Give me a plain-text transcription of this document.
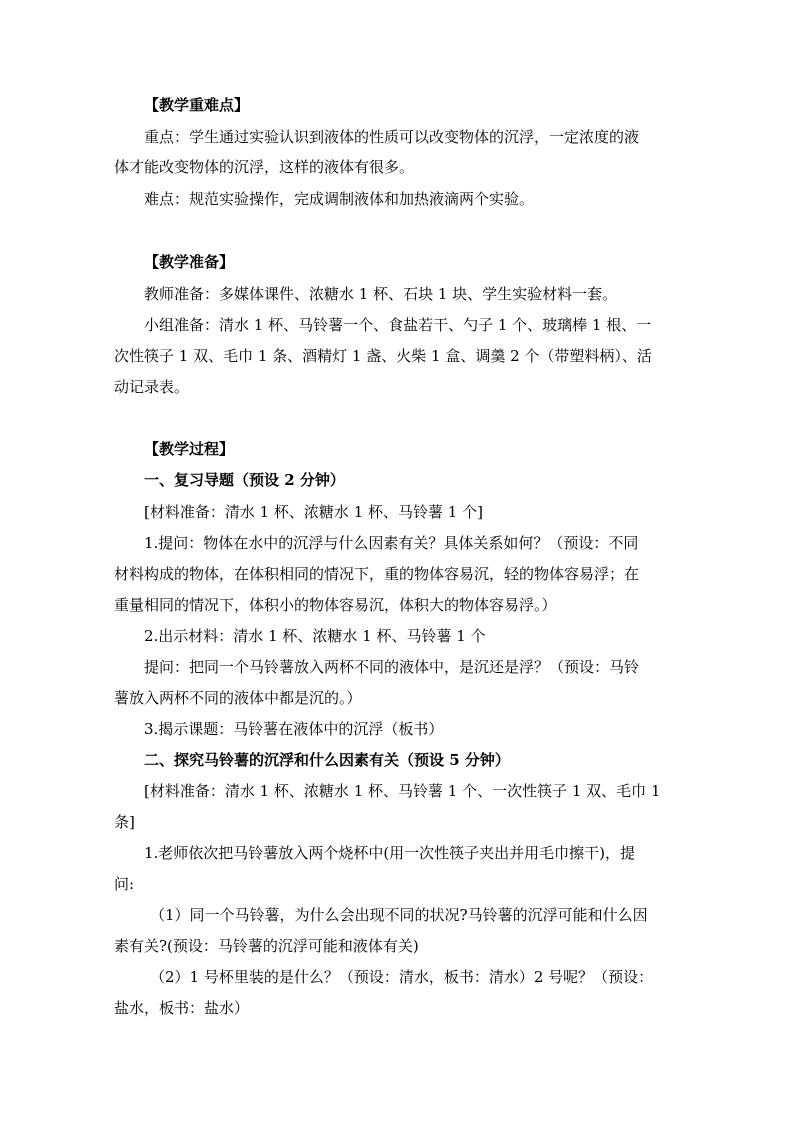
【教学重难点】
重点：学生通过实验认识到液体的性质可以改变物体的沉浮，一定浓度的液
体才能改变物体的沉浮，这样的液体有很多。
难点：规范实验操作，完成调制液体和加热液滴两个实验。
【教学准备】
教师准备：多媒体课件、浓糖水 1 杯、石块 1 块、学生实验材料一套。
小组准备：清水 1 杯、马铃薯一个、食盐若干、勺子 1 个、玻璃棒 1 根、一
次性筷子 1 双、毛巾 1 条、酒精灯 1 盏、火柴 1 盒、调羹 2 个（带塑料柄）、活
动记录表。
【教学过程】
一、复习导题（预设 2 分钟）
[材料准备：清水 1 杯、浓糖水 1 杯、马铃薯 1 个]
1.提问：物体在水中的沉浮与什么因素有关？具体关系如何？（预设：不同
材料构成的物体，在体积相同的情况下，重的物体容易沉，轻的物体容易浮；在
重量相同的情况下，体积小的物体容易沉，体积大的物体容易浮。）
2.出示材料：清水 1 杯、浓糖水 1 杯、马铃薯 1 个
提问：把同一个马铃薯放入两杯不同的液体中，是沉还是浮？（预设：马铃
薯放入两杯不同的液体中都是沉的。）
3.揭示课题：马铃薯在液体中的沉浮（板书）
二、探究马铃薯的沉浮和什么因素有关（预设 5 分钟）
[材料准备：清水 1 杯、浓糖水 1 杯、马铃薯 1 个、一次性筷子 1 双、毛巾 1
条]
1.老师依次把马铃薯放入两个烧杯中(用一次性筷子夹出并用毛巾擦干)，提
问:
（1）同一个马铃薯，为什么会出现不同的状况?马铃薯的沉浮可能和什么因
素有关?(预设：马铃薯的沉浮可能和液体有关)
（2）1 号杯里装的是什么？（预设：清水，板书：清水）2 号呢？（预设：
盐水，板书：盐水）
